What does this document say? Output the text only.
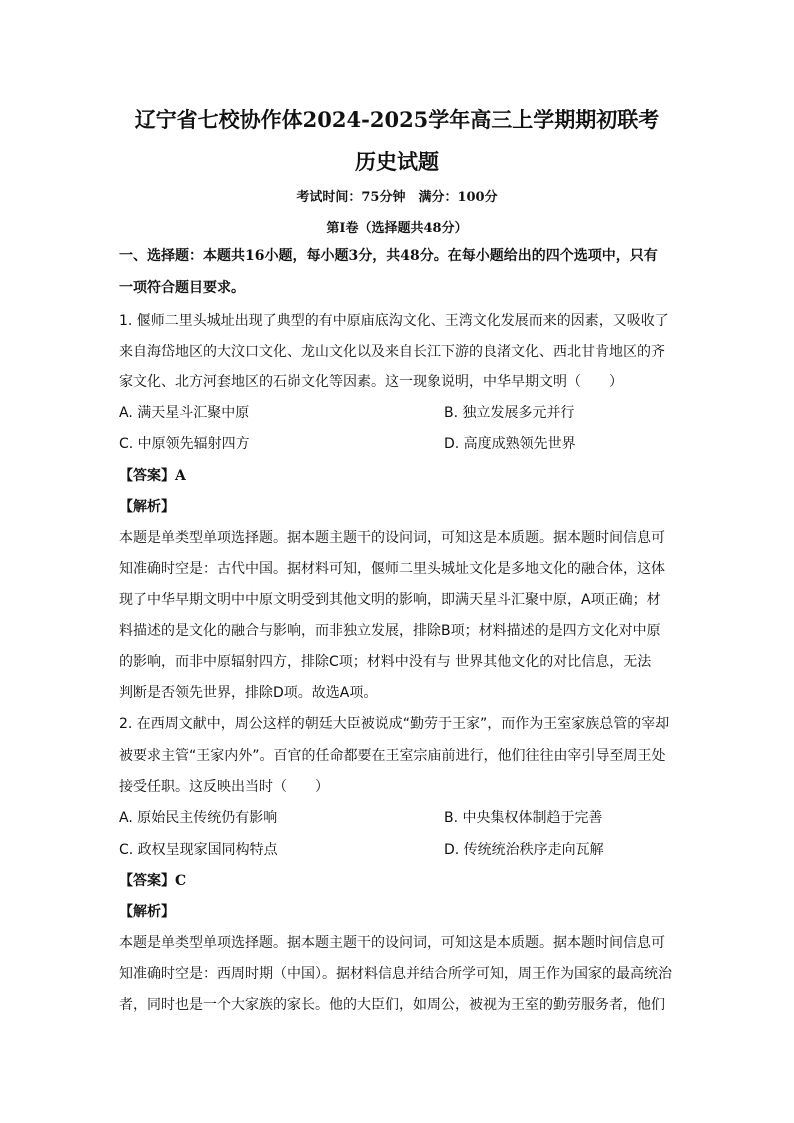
辽宁省七校协作体2024-2025学年高三上学期期初联考
历史试题
考试时间：75分钟　满分：100分
第I卷（选择题共48分）
一、选择题：本题共16小题，每小题3分，共48分。在每小题给出的四个选项中，只有
一项符合题目要求。
1. 偃师二里头城址出现了典型的有中原庙底沟文化、王湾文化发展而来的因素，又吸收了
来自海岱地区的大汶口文化、龙山文化以及来自长江下游的良渚文化、西北甘肯地区的齐
家文化、北方河套地区的石峁文化等因素。这一现象说明，中华早期文明（　　）
A. 满天星斗汇聚中原	B. 独立发展多元并行
C. 中原领先辐射四方	D. 高度成熟领先世界
【答案】A
【解析】
本题是单类型单项选择题。据本题主题干的设问词，可知这是本质题。据本题时间信息可
知准确时空是：古代中国。据材料可知，偃师二里头城址文化是多地文化的融合体，这体
现了中华早期文明中中原文明受到其他文明的影响，即满天星斗汇聚中原，A项正确；材
料描述的是文化的融合与影响，而非独立发展，排除B项；材料描述的是四方文化对中原
的影响，而非中原辐射四方，排除C项；材料中没有与 世界其他文化的对比信息，无法
判断是否领先世界，排除D项。故选A项。
2. 在西周文献中，周公这样的朝廷大臣被说成“勤劳于王家”，而作为王室家族总管的宰却
被要求主管“王家内外”。百官的任命都要在王室宗庙前进行，他们往往由宰引导至周王处
接受任职。这反映出当时（　　）
A. 原始民主传统仍有影响	B. 中央集权体制趋于完善
C. 政权呈现家国同构特点	D. 传统统治秩序走向瓦解
【答案】C
【解析】
本题是单类型单项选择题。据本题主题干的设问词，可知这是本质题。据本题时间信息可
知准确时空是：西周时期（中国）。据材料信息并结合所学可知，周王作为国家的最高统治
者，同时也是一个大家族的家长。他的大臣们，如周公，被视为王室的勤劳服务者，他们
